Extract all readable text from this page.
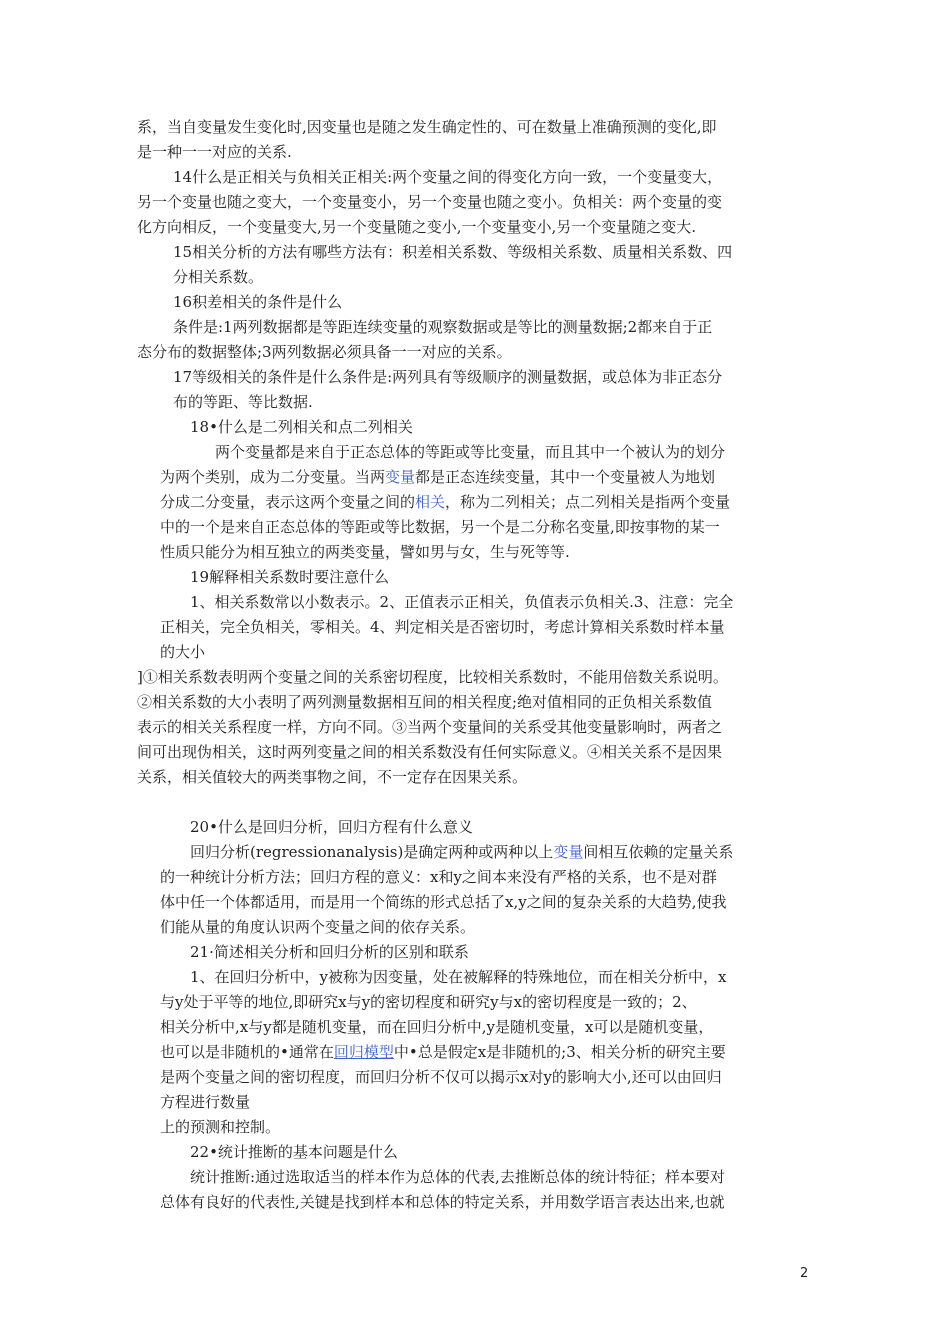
系，当自变量发生变化时,因变量也是随之发生确定性的、可在数量上准确预测的变化,即
是一种一一对应的关系.
14什么是正相关与负相关正相关:两个变量之间的得变化方向一致，一个变量变大，
另一个变量也随之变大，一个变量变小，另一个变量也随之变小。负相关：两个变量的变
化方向相反，一个变量变大,另一个变量随之变小,一个变量变小,另一个变量随之变大.
15相关分析的方法有哪些方法有：积差相关系数、等级相关系数、质量相关系数、四
分相关系数。
16积差相关的条件是什么
条件是:1两列数据都是等距连续变量的观察数据或是等比的测量数据;2都来自于正
态分布的数据整体;3两列数据必须具备一一对应的关系。
17等级相关的条件是什么条件是:两列具有等级顺序的测量数据，或总体为非正态分
布的等距、等比数据.
18•什么是二列相关和点二列相关
两个变量都是来自于正态总体的等距或等比变量，而且其中一个被认为的划分
为两个类别，成为二分变量。当两变量都是正态连续变量，其中一个变量被人为地划
分成二分变量，表示这两个变量之间的相关，称为二列相关；点二列相关是指两个变量
中的一个是来自正态总体的等距或等比数据，另一个是二分称名变量,即按事物的某一
性质只能分为相互独立的两类变量，譬如男与女，生与死等等.
19解释相关系数时要注意什么
1、相关系数常以小数表示。2、正值表示正相关，负值表示负相关.3、注意：完全
正相关，完全负相关，零相关。4、判定相关是否密切时，考虑计算相关系数时样本量
的大小
]①相关系数表明两个变量之间的关系密切程度，比较相关系数时，不能用倍数关系说明。
②相关系数的大小表明了两列测量数据相互间的相关程度;绝对值相同的正负相关系数值
表示的相关关系程度一样，方向不同。③当两个变量间的关系受其他变量影响时，两者之
间可出现伪相关，这时两列变量之间的相关系数没有任何实际意义。④相关关系不是因果
关系，相关值较大的两类事物之间，不一定存在因果关系。
20•什么是回归分析，回归方程有什么意义
回归分析(regressionanalysis)是确定两种或两种以上变量间相互依赖的定量关系
的一种统计分析方法；回归方程的意义：x和y之间本来没有严格的关系，也不是对群
体中任一个体都适用，而是用一个简练的形式总括了x,y之间的复杂关系的大趋势,使我
们能从量的角度认识两个变量之间的依存关系。
21·简述相关分析和回归分析的区别和联系
1、在回归分析中，y被称为因变量，处在被解释的特殊地位，而在相关分析中，x
与y处于平等的地位,即研究x与y的密切程度和研究y与x的密切程度是一致的；2、
相关分析中,x与y都是随机变量，而在回归分析中,y是随机变量，x可以是随机变量，
也可以是非随机的•通常在回归模型中•总是假定x是非随机的;3、相关分析的研究主要
是两个变量之间的密切程度，而回归分析不仅可以揭示x对y的影响大小,还可以由回归
方程进行数量
上的预测和控制。
22•统计推断的基本问题是什么
统计推断:通过选取适当的样本作为总体的代表,去推断总体的统计特征；样本要对
总体有良好的代表性,关键是找到样本和总体的特定关系，并用数学语言表达出来,也就
2
